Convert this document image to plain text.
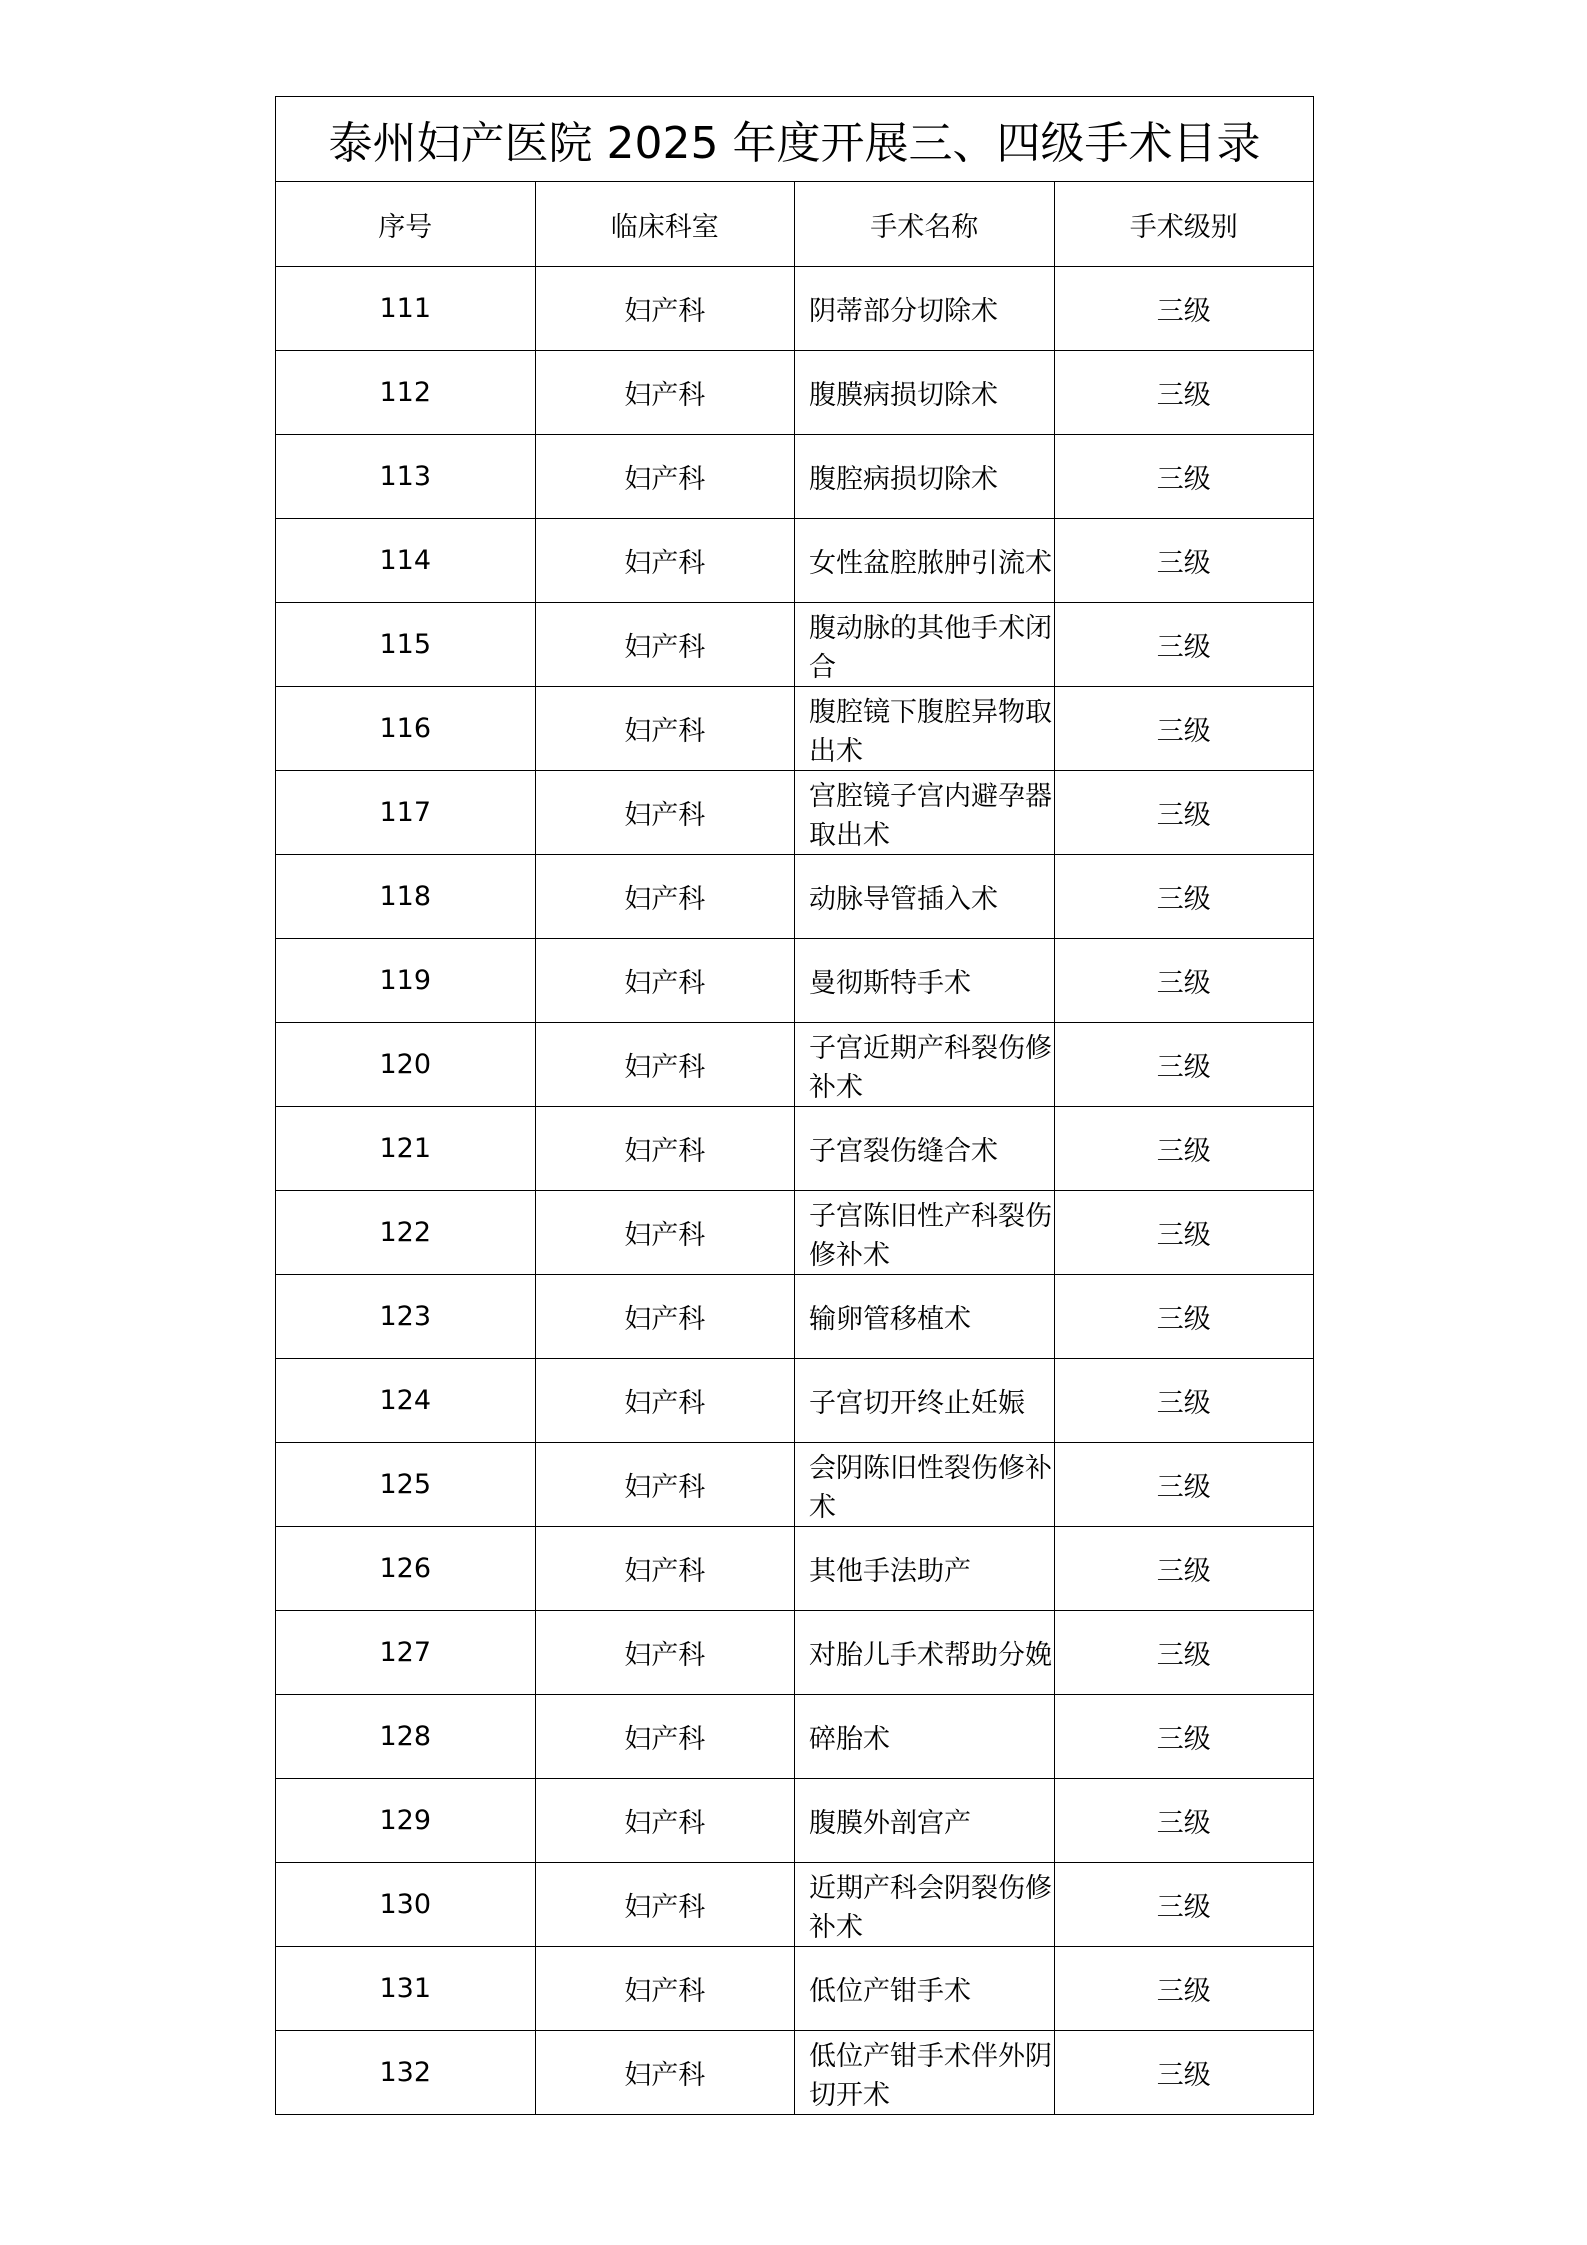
泰州妇产医院 2025 年度开展三、四级手术目录			
序号	临床科室	手术名称	手术级别
111	妇产科	阴蒂部分切除术	三级
112	妇产科	腹膜病损切除术	三级
113	妇产科	腹腔病损切除术	三级
114	妇产科	女性盆腔脓肿引流术	三级
115	妇产科	腹动脉的其他手术闭合	三级
116	妇产科	腹腔镜下腹腔异物取出术	三级
117	妇产科	宫腔镜子宫内避孕器取出术	三级
118	妇产科	动脉导管插入术	三级
119	妇产科	曼彻斯特手术	三级
120	妇产科	子宫近期产科裂伤修补术	三级
121	妇产科	子宫裂伤缝合术	三级
122	妇产科	子宫陈旧性产科裂伤修补术	三级
123	妇产科	输卵管移植术	三级
124	妇产科	子宫切开终止妊娠	三级
125	妇产科	会阴陈旧性裂伤修补术	三级
126	妇产科	其他手法助产	三级
127	妇产科	对胎儿手术帮助分娩	三级
128	妇产科	碎胎术	三级
129	妇产科	腹膜外剖宫产	三级
130	妇产科	近期产科会阴裂伤修补术	三级
131	妇产科	低位产钳手术	三级
132	妇产科	低位产钳手术伴外阴切开术	三级
